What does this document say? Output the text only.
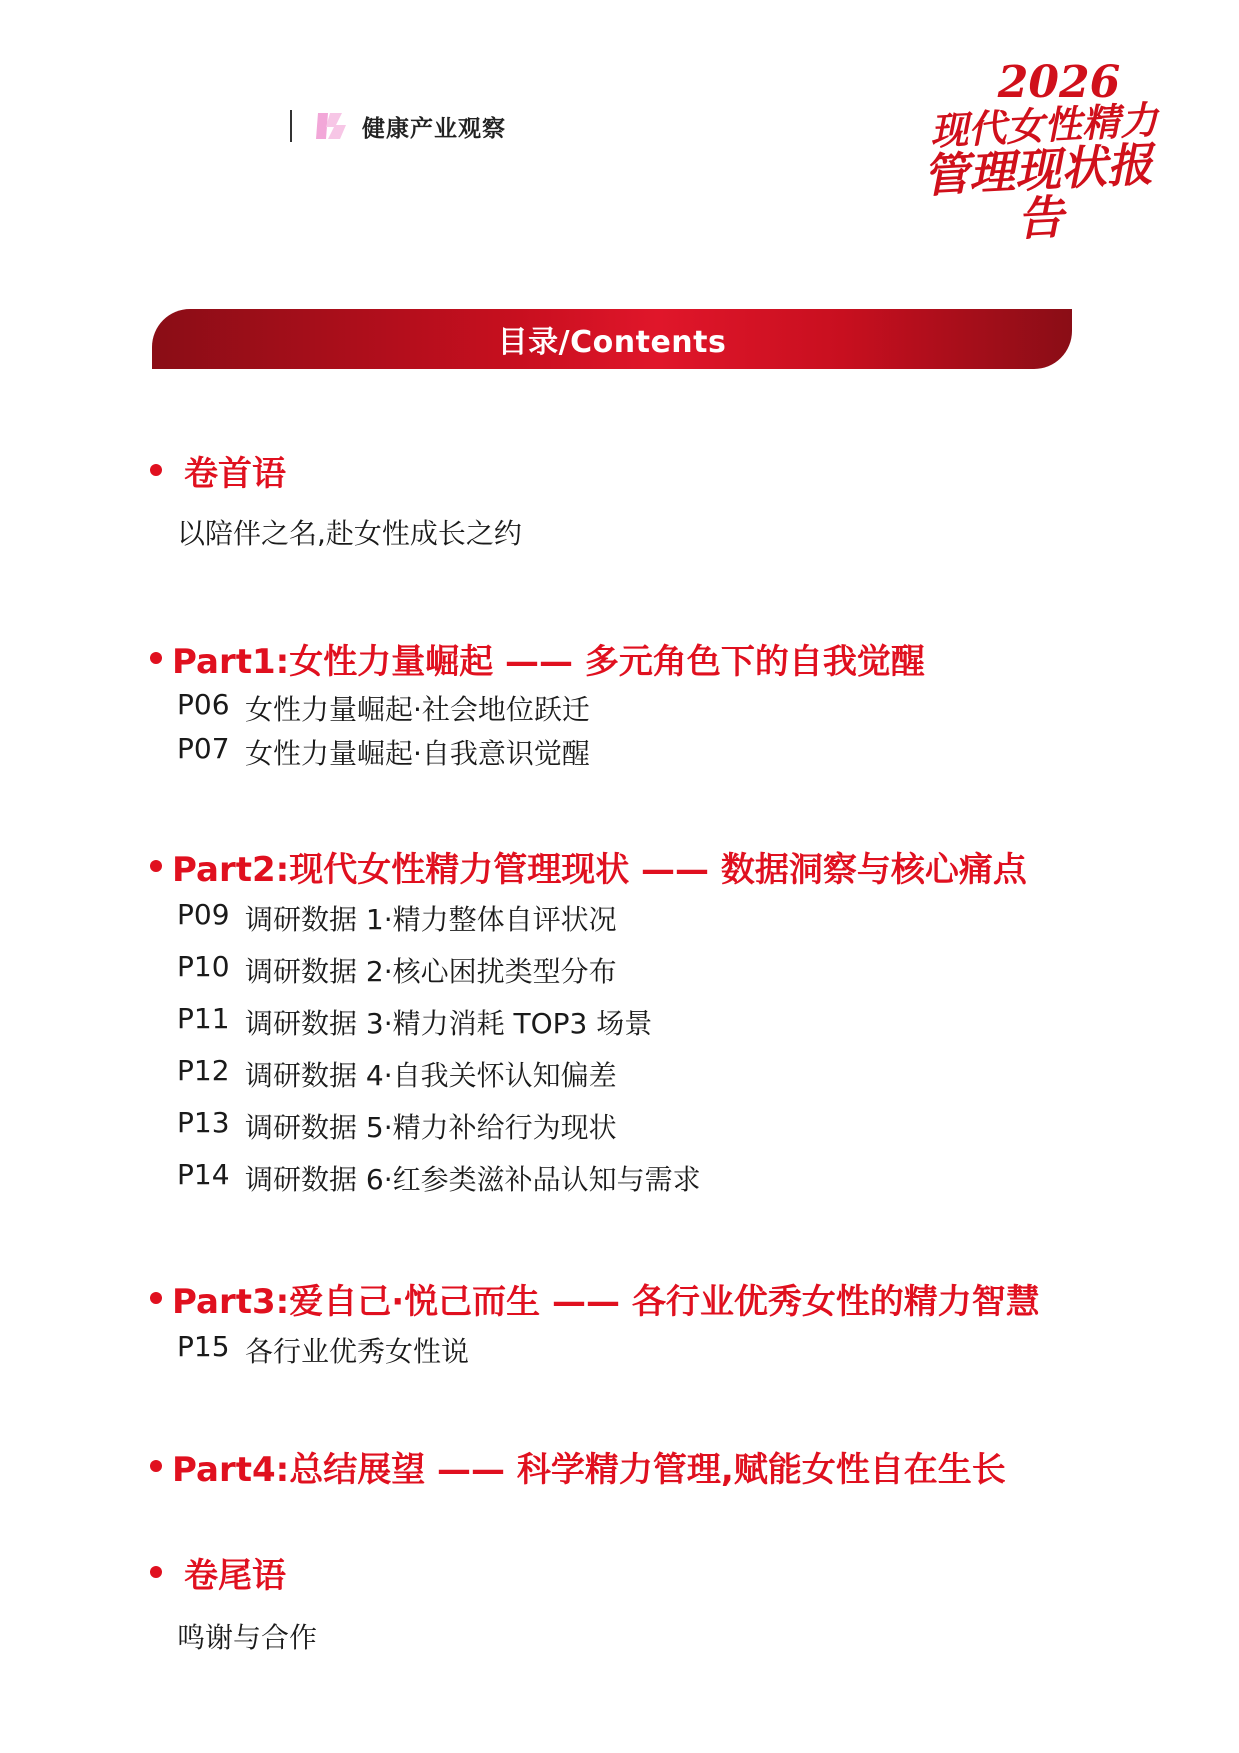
健康产业观察
2026
现代女性精力
管理现状报告
目录/Contents
卷首语
以陪伴之名,赴女性成长之约
Part1:女性力量崛起 —— 多元角色下的自我觉醒
P06 女性力量崛起·社会地位跃迁
P07 女性力量崛起·自我意识觉醒
Part2:现代女性精力管理现状 —— 数据洞察与核心痛点
P09 调研数据 1·精力整体自评状况
P10 调研数据 2·核心困扰类型分布
P11 调研数据 3·精力消耗 TOP3 场景
P12 调研数据 4·自我关怀认知偏差
P13 调研数据 5·精力补给行为现状
P14 调研数据 6·红参类滋补品认知与需求
Part3:爱自己·悦己而生 —— 各行业优秀女性的精力智慧
P15 各行业优秀女性说
Part4:总结展望 —— 科学精力管理,赋能女性自在生长
卷尾语
鸣谢与合作
